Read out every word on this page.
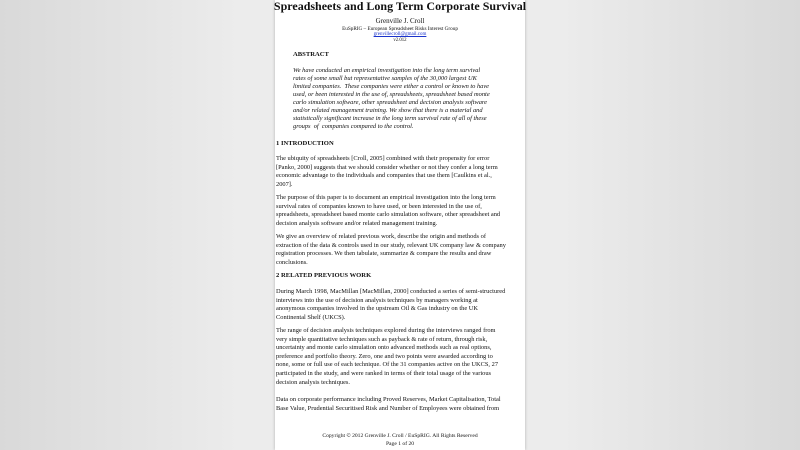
Spreadsheets and Long Term Corporate Survival
Grenville J. Croll
EuSpRIG – European Spreadsheet Risks Interest Group
grenvillecroll@gmail.com
v2.012
ABSTRACT
We have conducted an empirical investigation into the long term survival
rates of some small but representative samples of the 30,000 largest UK
limited companies.  These companies were either a control or known to have
used, or been interested in the use of, spreadsheets, spreadsheet based monte
carlo simulation software, other spreadsheet and decision analysis software
and/or related management training. We show that there is a material and
statistically significant increase in the long term survival rate of all of these
groups  of  companies compared to the control.
1 INTRODUCTION
The ubiquity of spreadsheets [Croll, 2005] combined with their propensity for error
[Panko, 2000] suggests that we should consider whether or not they confer a long term
economic advantage to the individuals and companies that use them [Caulkins et al.,
2007].
The purpose of this paper is to document an empirical investigation into the long term
survival rates of companies known to have used, or been interested in the use of,
spreadsheets, spreadsheet based monte carlo simulation software, other spreadsheet and
decision analysis software and/or related management training.
We give an overview of related previous work, describe the origin and methods of
extraction of the data & controls used in our study, relevant UK company law & company
registration processes. We then tabulate, summarize & compare the results and draw
conclusions.
2 RELATED PREVIOUS WORK
During March 1998, MacMillan [MacMillan, 2000] conducted a series of semi-structured
interviews into the use of decision analysis techniques by managers working at
anonymous companies involved in the upstream Oil & Gas industry on the UK
Continental Shelf (UKCS).
The range of decision analysis techniques explored during the interviews ranged from
very simple quantitative techniques such as payback & rate of return, through risk,
uncertainty and monte carlo simulation onto advanced methods such as real options,
preference and portfolio theory. Zero, one and two points were awarded according to
none, some or full use of each technique. Of the 31 companies active on the UKCS, 27
participated in the study, and were ranked in terms of their total usage of the various
decision analysis techniques.
Data on corporate performance including Proved Reserves, Market Capitalisation, Total
Base Value, Prudential Securitised Risk and Number of Employees were obtained from
Copyright © 2012 Grenville J. Croll / EuSpRIG. All Rights Reserved
Page 1 of 20
